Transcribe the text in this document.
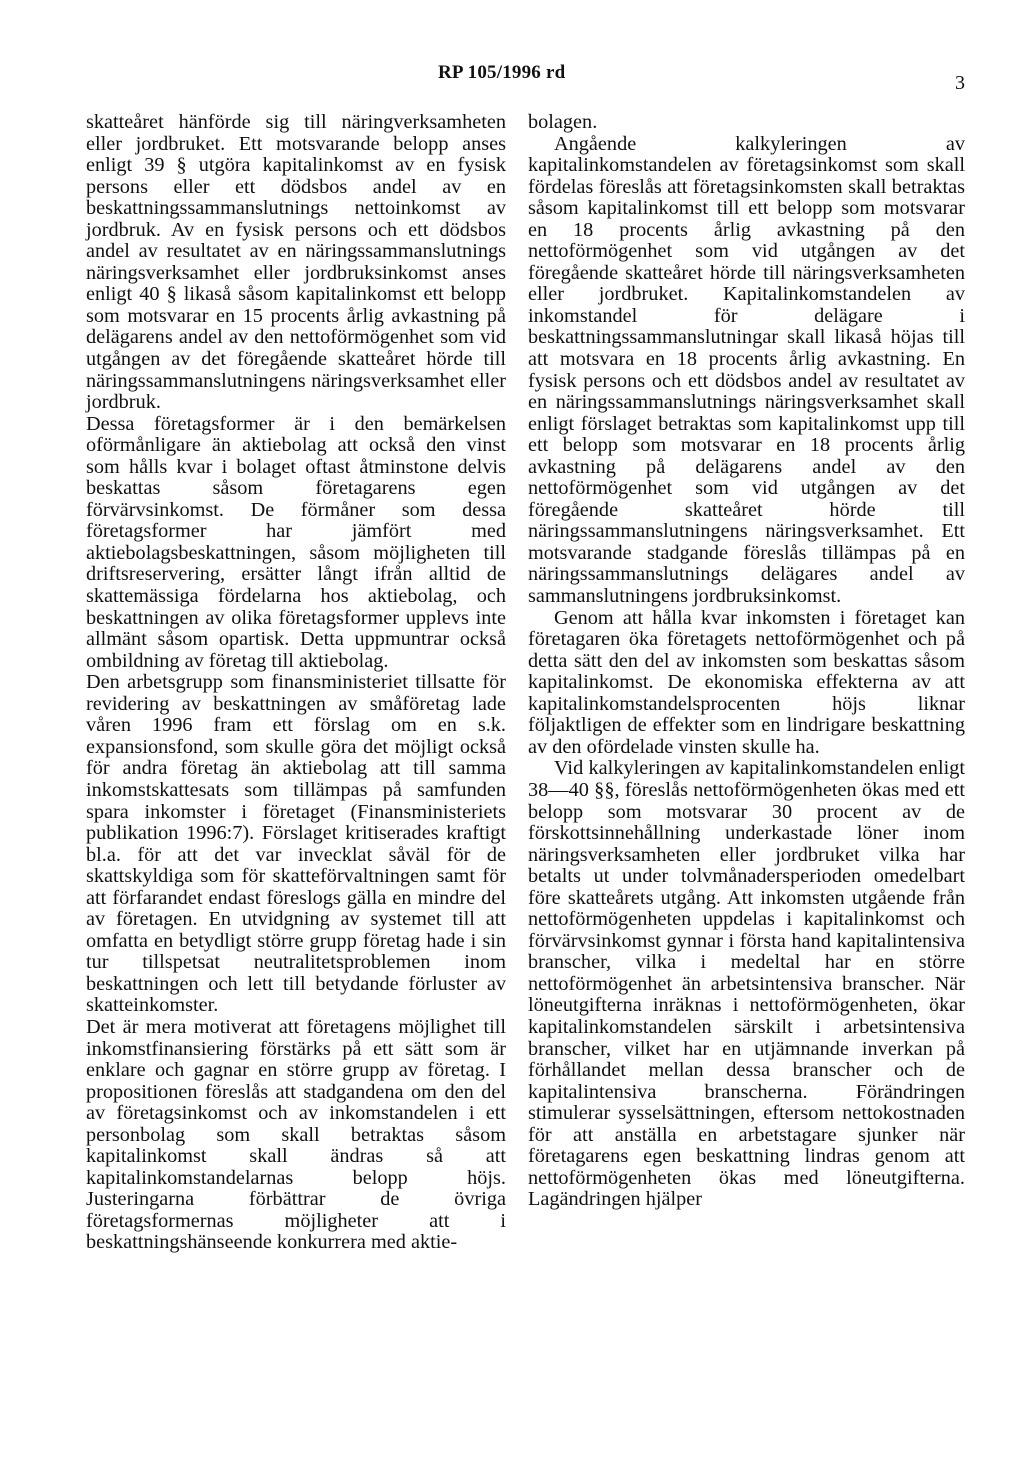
RP 105/1996 rd	3

skatteåret hänförde sig till näringverksamheten eller jordbruket. Ett motsvarande belopp anses enligt 39 § utgöra kapitalinkomst av en fysisk persons eller ett dödsbos andel av en beskattningssammanslutnings nettoinkomst av jordbruk. Av en fysisk persons och ett dödsbos andel av resultatet av en näringssammanslutnings näringsverksamhet eller jordbruksinkomst anses enligt 40 § likaså såsom kapitalinkomst ett belopp som motsvarar en 15 procents årlig avkastning på delägarens andel av den nettoförmögenhet som vid utgången av det föregående skatteåret hörde till näringssammanslutningens näringsverksamhet eller jordbruk.

Dessa företagsformer är i den bemärkelsen oförmånligare än aktiebolag att också den vinst som hålls kvar i bolaget oftast åtminstone delvis beskattas såsom företagarens egen förvärvsinkomst. De förmåner som dessa företagsformer har jämfört med aktiebolagsbeskattningen, såsom möjligheten till driftsreservering, ersätter långt ifrån alltid de skattemässiga fördelarna hos aktiebolag, och beskattningen av olika företagsformer upplevs inte allmänt såsom opartisk. Detta uppmuntrar också ombildning av företag till aktiebolag.

Den arbetsgrupp som finansministeriet tillsatte för revidering av beskattningen av småföretag lade våren 1996 fram ett förslag om en s.k. expansionsfond, som skulle göra det möjligt också för andra företag än aktiebolag att till samma inkomstskattesats som tillämpas på samfunden spara inkomster i företaget (Finansministeriets publikation 1996:7). Förslaget kritiserades kraftigt bl.a. för att det var invecklat såväl för de skattskyldiga som för skatteförvaltningen samt för att förfarandet endast föreslogs gälla en mindre del av företagen. En utvidgning av systemet till att omfatta en betydligt större grupp företag hade i sin tur tillspetsat neutralitetsproblemen inom beskattningen och lett till betydande förluster av skatteinkomster.

Det är mera motiverat att företagens möjlighet till inkomstfinansiering förstärks på ett sätt som är enklare och gagnar en större grupp av företag. I propositionen föreslås att stadgandena om den del av företagsinkomst och av inkomstandelen i ett personbolag som skall betraktas såsom kapitalinkomst skall ändras så att kapitalinkomstandelarnas belopp höjs. Justeringarna förbättrar de övriga företagsformernas möjligheter att i beskattningshänseende konkurrera med aktie-

bolagen.

Angående kalkyleringen av kapitalinkomstandelen av företagsinkomst som skall fördelas föreslås att företagsinkomsten skall betraktas såsom kapitalinkomst till ett belopp som motsvarar en 18 procents årlig avkastning på den nettoförmögenhet som vid utgången av det föregående skatteåret hörde till näringsverksamheten eller jordbruket. Kapitalinkomstandelen av inkomstandel för delägare i beskattningssammanslutningar skall likaså höjas till att motsvara en 18 procents årlig avkastning. En fysisk persons och ett dödsbos andel av resultatet av en näringssammanslutnings näringsverksamhet skall enligt förslaget betraktas som kapitalinkomst upp till ett belopp som motsvarar en 18 procents årlig avkastning på delägarens andel av den nettoförmögenhet som vid utgången av det föregående skatteåret hörde till näringssammanslutningens näringsverksamhet. Ett motsvarande stadgande föreslås tillämpas på en näringssammanslutnings delägares andel av sammanslutningens jordbruksinkomst.

Genom att hålla kvar inkomsten i företaget kan företagaren öka företagets nettoförmögenhet och på detta sätt den del av inkomsten som beskattas såsom kapitalinkomst. De ekonomiska effekterna av att kapitalinkomstandelsprocenten höjs liknar följaktligen de effekter som en lindrigare beskattning av den ofördelade vinsten skulle ha.

Vid kalkyleringen av kapitalinkomstandelen enligt 38—40 §§, föreslås nettoförmögenheten ökas med ett belopp som motsvarar 30 procent av de förskottsinnehållning underkastade löner inom näringsverksamheten eller jordbruket vilka har betalts ut under tolvmånadersperioden omedelbart före skatteårets utgång. Att inkomsten utgående från nettoförmögenheten uppdelas i kapitalinkomst och förvärvsinkomst gynnar i första hand kapitalintensiva branscher, vilka i medeltal har en större nettoförmögenhet än arbetsintensiva branscher. När löneutgifterna inräknas i nettoförmögenheten, ökar kapitalinkomstandelen särskilt i arbetsintensiva branscher, vilket har en utjämnande inverkan på förhållandet mellan dessa branscher och de kapitalintensiva branscherna. Förändringen stimulerar sysselsättningen, eftersom nettokostnaden för att anställa en arbetstagare sjunker när företagarens egen beskattning lindras genom att nettoförmögenheten ökas med löneutgifterna. Lagändringen hjälper
